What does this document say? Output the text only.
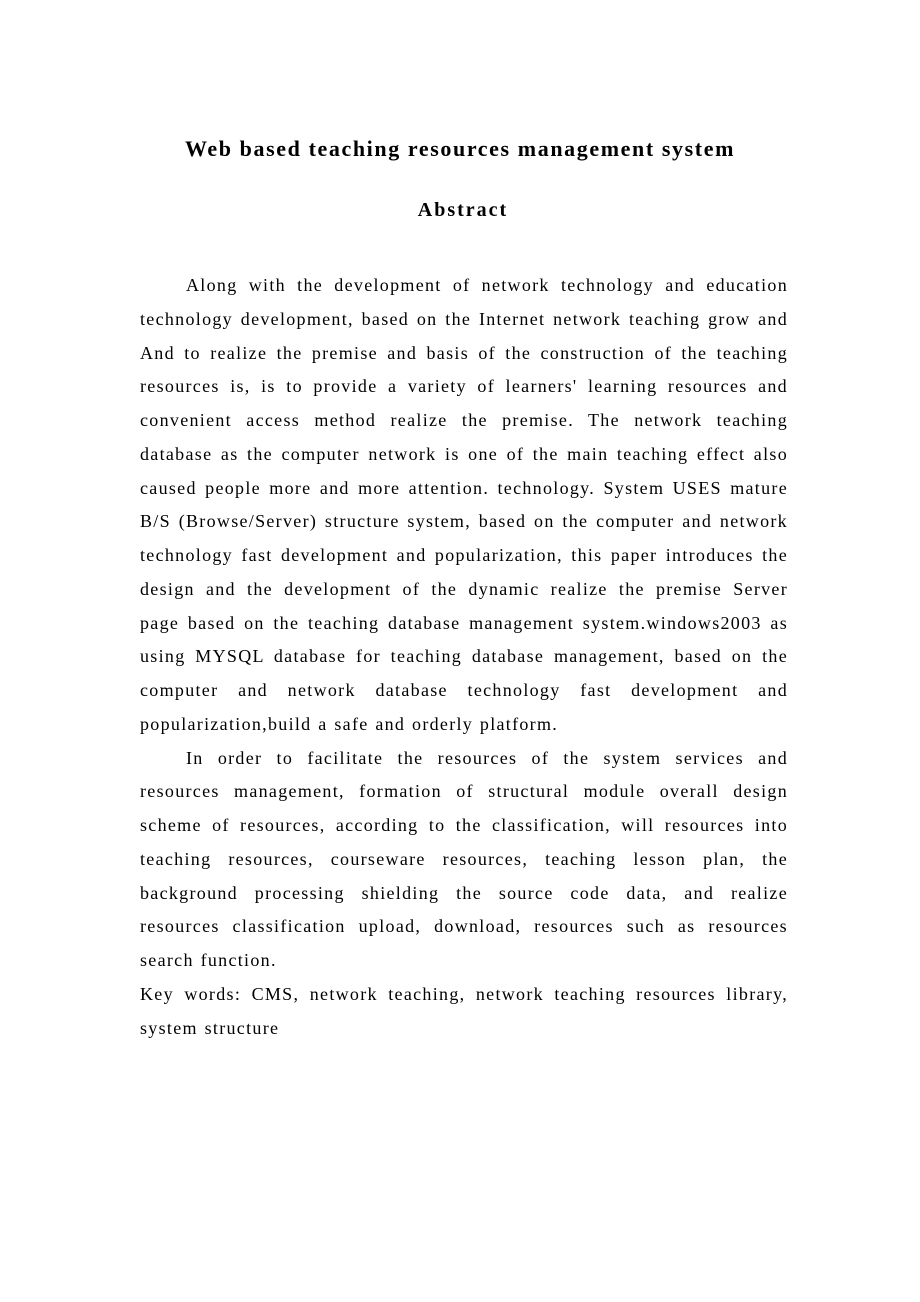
Web based teaching resources management system
Abstract

Along with the development of network technology and education technology development, based on the Internet network teaching grow and And to realize the premise and basis of the construction of the teaching resources is, is to provide a variety of learners' learning resources and convenient access method realize the premise. The network teaching database as the computer network is one of the main teaching effect also caused people more and more attention. technology. System USES mature B/S (Browse/Server) structure system, based on the computer and network technology fast development and popularization, this paper introduces the design and the development of the dynamic realize the premise Server page based on the teaching database management system.windows2003 as using MYSQL database for teaching database management, based on the computer and network database technology fast development and popularization,build a safe and orderly platform.

In order to facilitate the resources of the system services and resources management, formation of structural module overall design scheme of resources, according to the classification, will resources into teaching resources, courseware resources, teaching lesson plan, the background processing shielding the source code data, and realize resources classification upload, download, resources such as resources search function.

Key words: CMS, network teaching, network teaching resources library, system structure
